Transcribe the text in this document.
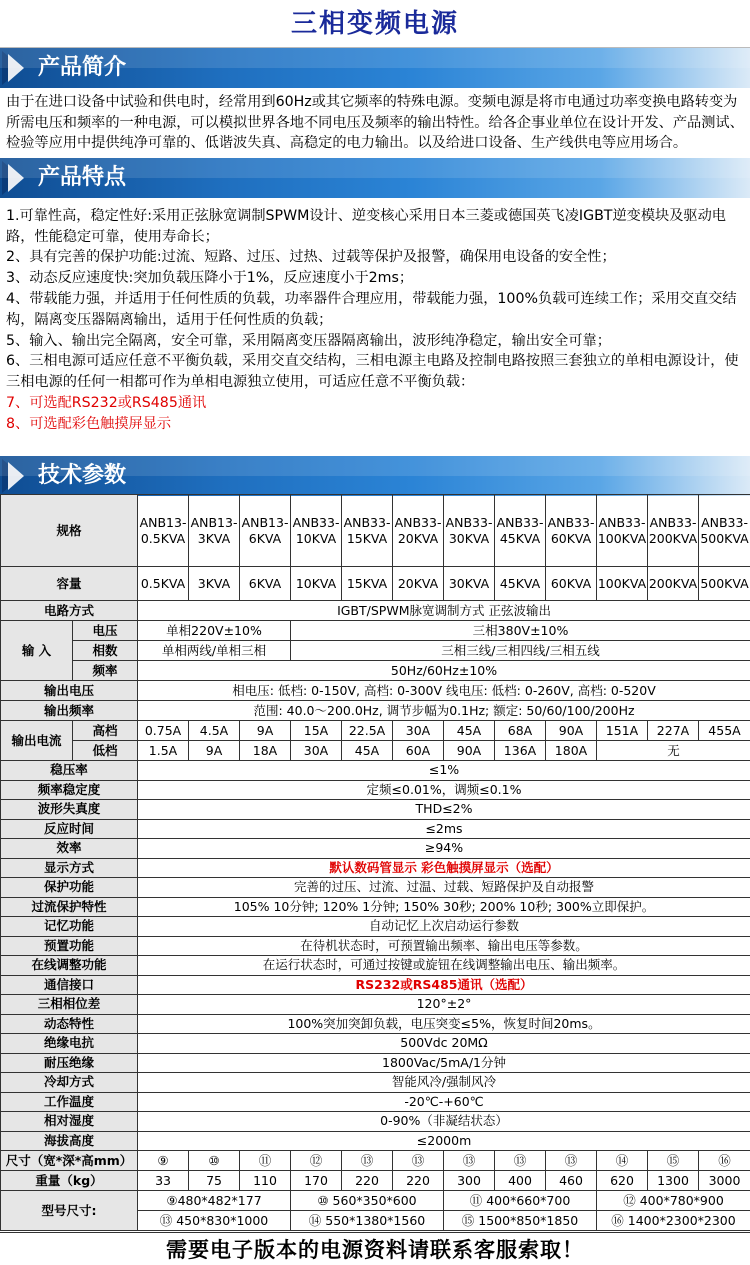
三相变频电源
产品简介
由于在进口设备中试验和供电时，经常用到60Hz或其它频率的特殊电源。变频电源是将市电通过功率变换电路转变为所需电压和频率的一种电源，可以模拟世界各地不同电压及频率的输出特性。给各企事业单位在设计开发、产品测试、检验等应用中提供纯净可靠的、低谐波失真、高稳定的电力输出。以及给进口设备、生产线供电等应用场合。
产品特点
1.可靠性高，稳定性好:采用正弦脉宽调制SPWM设计、逆变核心采用日本三菱或德国英飞凌IGBT逆变模块及驱动电路，性能稳定可靠，使用寿命长；
2、具有完善的保护功能:过流、短路、过压、过热、过载等保护及报警，确保用电设备的安全性；
3、动态反应速度快:突加负载压降小于1%，反应速度小于2ms；
4、带载能力强，并适用于任何性质的负载，功率器件合理应用，带载能力强，100%负载可连续工作；采用交直交结构，隔离变压器隔离输出，适用于任何性质的负载；
5、输入、输出完全隔离，安全可靠，采用隔离变压器隔离输出，波形纯净稳定，输出安全可靠；
6、三相电源可适应任意不平衡负载，采用交直交结构，三相电源主电路及控制电路按照三套独立的单相电源设计，使三相电源的任何一相都可作为单相电源独立使用，可适应任意不平衡负载：
7、可选配RS232或RS485通讯
8、可选配彩色触摸屏显示
技术参数
规格		ANB13-0.5KVA	ANB13-3KVA	ANB13-6KVA	ANB33-10KVA	ANB33-15KVA	ANB33-20KVA	ANB33-30KVA	ANB33-45KVA	ANB33-60KVA	ANB33-100KVA	ANB33-200KVA	ANB33-500KVA
容量		0.5KVA	3KVA	6KVA	10KVA	15KVA	20KVA	30KVA	45KVA	60KVA	100KVA	200KVA	500KVA
电路方式		IGBT/SPWM脉宽调制方式 正弦波输出											
输 入	电压	单相220V±10%			三相380V±10%								
	相数	单相两线/单相三相			三相三线/三相四线/三相五线								
	频率	50Hz/60Hz±10%											
输出电压		相电压: 低档: 0-150V, 高档: 0-300V 线电压: 低档: 0-260V, 高档: 0-520V											
输出频率		范围: 40.0～200.0Hz, 调节步幅为0.1Hz; 额定: 50/60/100/200Hz											
输出电流	高档	0.75A	4.5A	9A	15A	22.5A	30A	45A	68A	90A	151A	227A	455A
	低档	1.5A	9A	18A	30A	45A	60A	90A	136A	180A	无		
稳压率		≤1%											
频率稳定度		定频≤0.01%，调频≤0.1%											
波形失真度		THD≤2%											
反应时间		≤2ms											
效率		≥94%											
显示方式		默认数码管显示 彩色触摸屏显示（选配）											
保护功能		完善的过压、过流、过温、过载、短路保护及自动报警											
过流保护特性		105% 10分钟; 120% 1分钟; 150% 30秒; 200% 10秒; 300%立即保护。											
记忆功能		自动记忆上次启动运行参数											
预置功能		在待机状态时，可预置输出频率、输出电压等参数。											
在线调整功能		在运行状态时，可通过按键或旋钮在线调整输出电压、输出频率。											
通信接口		RS232或RS485通讯（选配）											
三相相位差		120°±2°											
动态特性		100%突加突卸负载，电压突变≤5%，恢复时间20ms。											
绝缘电抗		500Vdc 20MΩ											
耐压绝缘		1800Vac/5mA/1分钟											
冷却方式		智能风冷/强制风冷											
工作温度		-20℃-+60℃											
相对湿度		0-90%（非凝结状态）											
海拔高度		≤2000m											
尺寸（宽*深*高mm）		⑨	⑩	⑪	⑫	⑬	⑬	⑬	⑬	⑬	⑭	⑮	⑯
重量（kg）		33	75	110	170	220	220	300	400	460	620	1300	3000
型号尺寸:		⑨480*482*177			⑩ 560*350*600			⑪ 400*660*700			⑫ 400*780*900		
		⑬ 450*830*1000			⑭ 550*1380*1560			⑮ 1500*850*1850			⑯ 1400*2300*2300		
需要电子版本的电源资料请联系客服索取！
